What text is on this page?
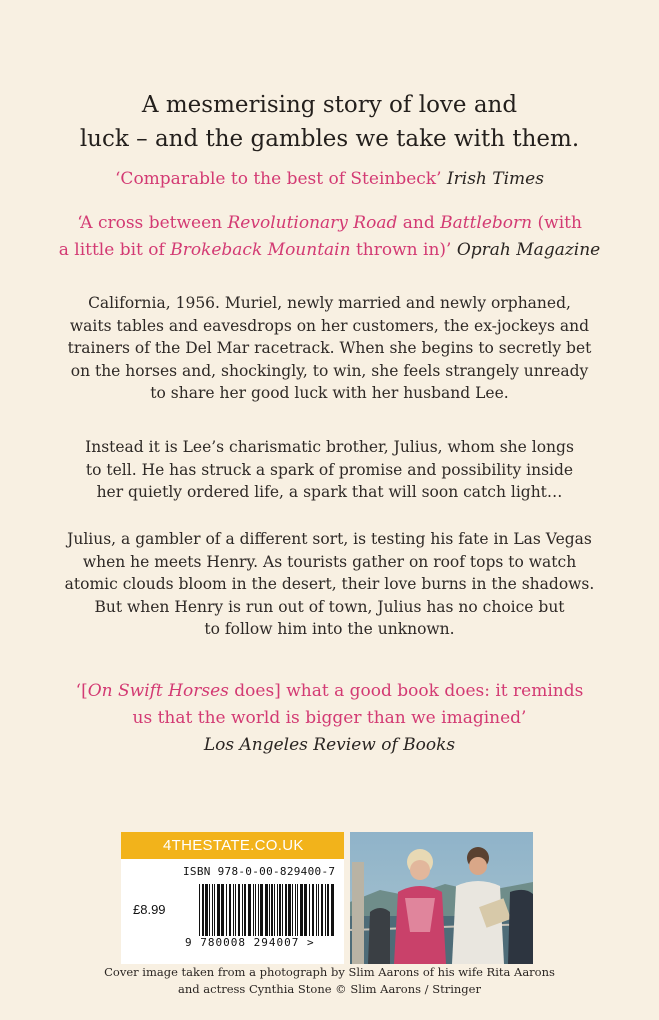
A mesmerising story of love and
luck – and the gambles we take with them.
‘Comparable to the best of Steinbeck’ Irish Times
‘A cross between Revolutionary Road and Battleborn (with
a little bit of Brokeback Mountain thrown in)’ Oprah Magazine
California, 1956. Muriel, newly married and newly orphaned,
waits tables and eavesdrops on her customers, the ex-jockeys and
trainers of the Del Mar racetrack. When she begins to secretly bet
on the horses and, shockingly, to win, she feels strangely unready
to share her good luck with her husband Lee.
Instead it is Lee’s charismatic brother, Julius, whom she longs
to tell. He has struck a spark of promise and possibility inside
her quietly ordered life, a spark that will soon catch light…
Julius, a gambler of a different sort, is testing his fate in Las Vegas
when he meets Henry. As tourists gather on roof tops to watch
atomic clouds bloom in the desert, their love burns in the shadows.
But when Henry is run out of town, Julius has no choice but
to follow him into the unknown.
‘[On Swift Horses does] what a good book does: it reminds
us that the world is bigger than we imagined’
Los Angeles Review of Books
4THESTATE.CO.UK
ISBN 978-0-00-829400-7
£8.99
9 780008 294007 >
Cover image taken from a photograph by Slim Aarons of his wife Rita Aarons
and actress Cynthia Stone © Slim Aarons / Stringer
